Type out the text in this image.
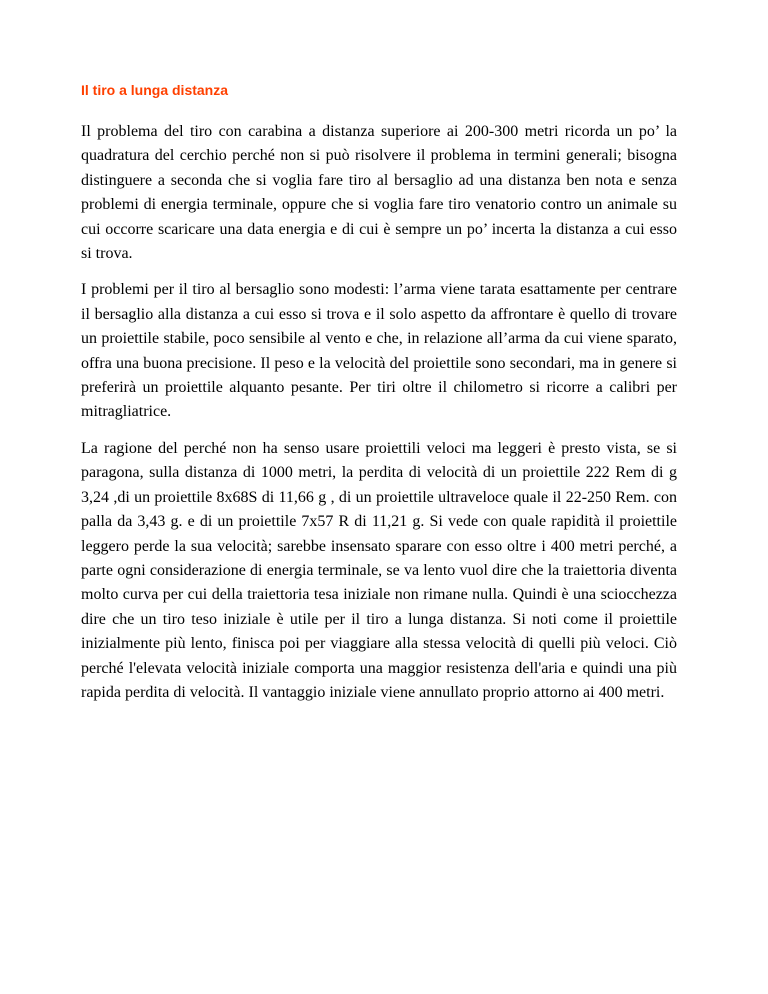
Il tiro a lunga distanza

Il problema del tiro con carabina a distanza superiore ai 200-300 metri ricorda un po’ la quadratura del cerchio perché non si può risolvere il problema in termini generali; bisogna distinguere a seconda che si voglia fare tiro al bersaglio ad una distanza ben nota e senza problemi di energia terminale, oppure che si voglia fare tiro venatorio contro un animale su cui occorre scaricare una data energia e di cui è sempre un po’ incerta la distanza a cui esso si trova.

I problemi per il tiro al bersaglio sono modesti: l’arma viene tarata esattamente per centrare il bersaglio alla distanza a cui esso si trova e il solo aspetto da affrontare è quello di trovare un proiettile stabile, poco sensibile al vento e che, in relazione all’arma da cui viene sparato, offra una buona precisione. Il peso e la velocità del proiettile sono secondari, ma in genere si preferirà un proiettile alquanto pesante. Per tiri oltre il chilometro si ricorre a calibri per mitragliatrice.

La ragione del perché non ha senso usare proiettili veloci ma leggeri è presto vista, se si paragona, sulla distanza di 1000 metri, la perdita di velocità di un proiettile 222 Rem di g 3,24 ,di un proiettile 8x68S di 11,66 g , di un proiettile ultraveloce quale il 22-250 Rem. con palla da 3,43 g. e di un proiettile 7x57 R di 11,21 g. Si vede con quale rapidità il proiettile leggero perde la sua velocità; sarebbe insensato sparare con esso oltre i 400 metri perché, a parte ogni considerazione di energia terminale, se va lento vuol dire che la traiettoria diventa molto curva per cui della traiettoria tesa iniziale non rimane nulla. Quindi è una sciocchezza dire che un tiro teso iniziale è utile per il tiro a lunga distanza. Si noti come il proiettile inizialmente più lento, finisca poi per viaggiare alla stessa velocità di quelli più veloci. Ciò perché l'elevata velocità iniziale comporta una maggior resistenza dell'aria e quindi una più rapida perdita di velocità. Il vantaggio iniziale viene annullato proprio attorno ai 400 metri.
